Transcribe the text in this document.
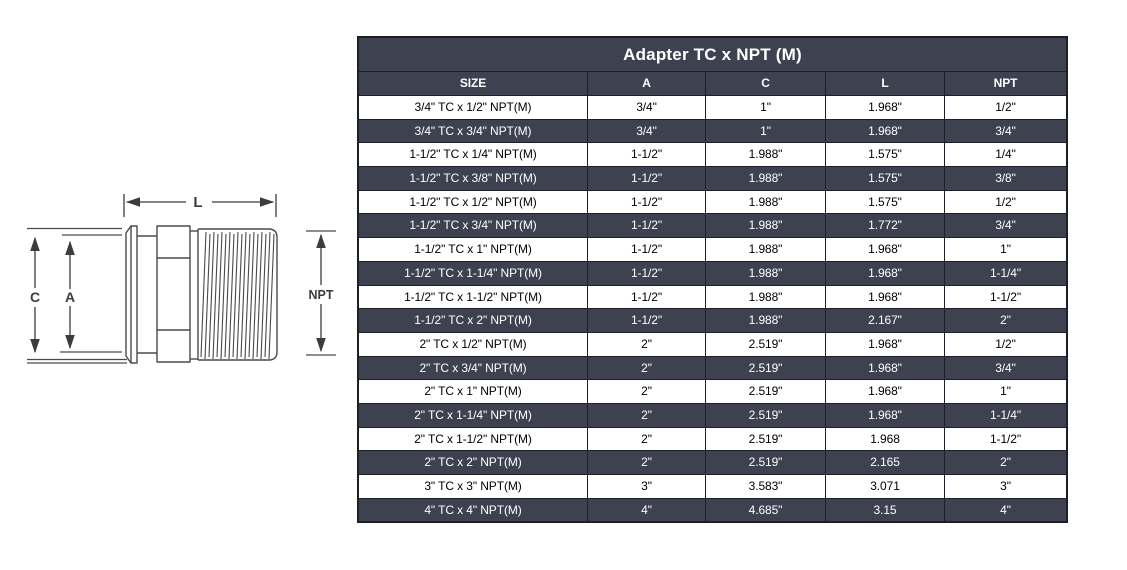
L
C A	NPT
Adapter TC x NPT (M)
SIZE	A	C	L	NPT
3/4" TC x 1/2" NPT(M)	3/4"	1"	1.968"	1/2"
3/4" TC x 3/4" NPT(M)	3/4"	1"	1.968"	3/4"
1-1/2" TC x 1/4" NPT(M)	1-1/2"	1.988"	1.575"	1/4"
1-1/2" TC x 3/8" NPT(M)	1-1/2"	1.988"	1.575"	3/8"
1-1/2" TC x 1/2" NPT(M)	1-1/2"	1.988"	1.575"	1/2"
1-1/2" TC x 3/4" NPT(M)	1-1/2"	1.988"	1.772"	3/4"
1-1/2" TC x 1" NPT(M)	1-1/2"	1.988"	1.968"	1"
1-1/2" TC x 1-1/4" NPT(M)	1-1/2"	1.988"	1.968"	1-1/4"
1-1/2" TC x 1-1/2" NPT(M)	1-1/2"	1.988"	1.968"	1-1/2"
1-1/2" TC x 2" NPT(M)	1-1/2"	1.988"	2.167"	2"
2" TC x 1/2" NPT(M)	2"	2.519"	1.968"	1/2"
2" TC x 3/4" NPT(M)	2"	2.519"	1.968"	3/4"
2" TC x 1" NPT(M)	2"	2.519"	1.968"	1"
2" TC x 1-1/4" NPT(M)	2"	2.519"	1.968"	1-1/4"
2" TC x 1-1/2" NPT(M)	2"	2.519"	1.968	1-1/2"
2" TC x 2" NPT(M)	2"	2.519"	2.165	2"
3" TC x 3" NPT(M)	3"	3.583"	3.071	3"
4" TC x 4" NPT(M)	4"	4.685"	3.15	4"
